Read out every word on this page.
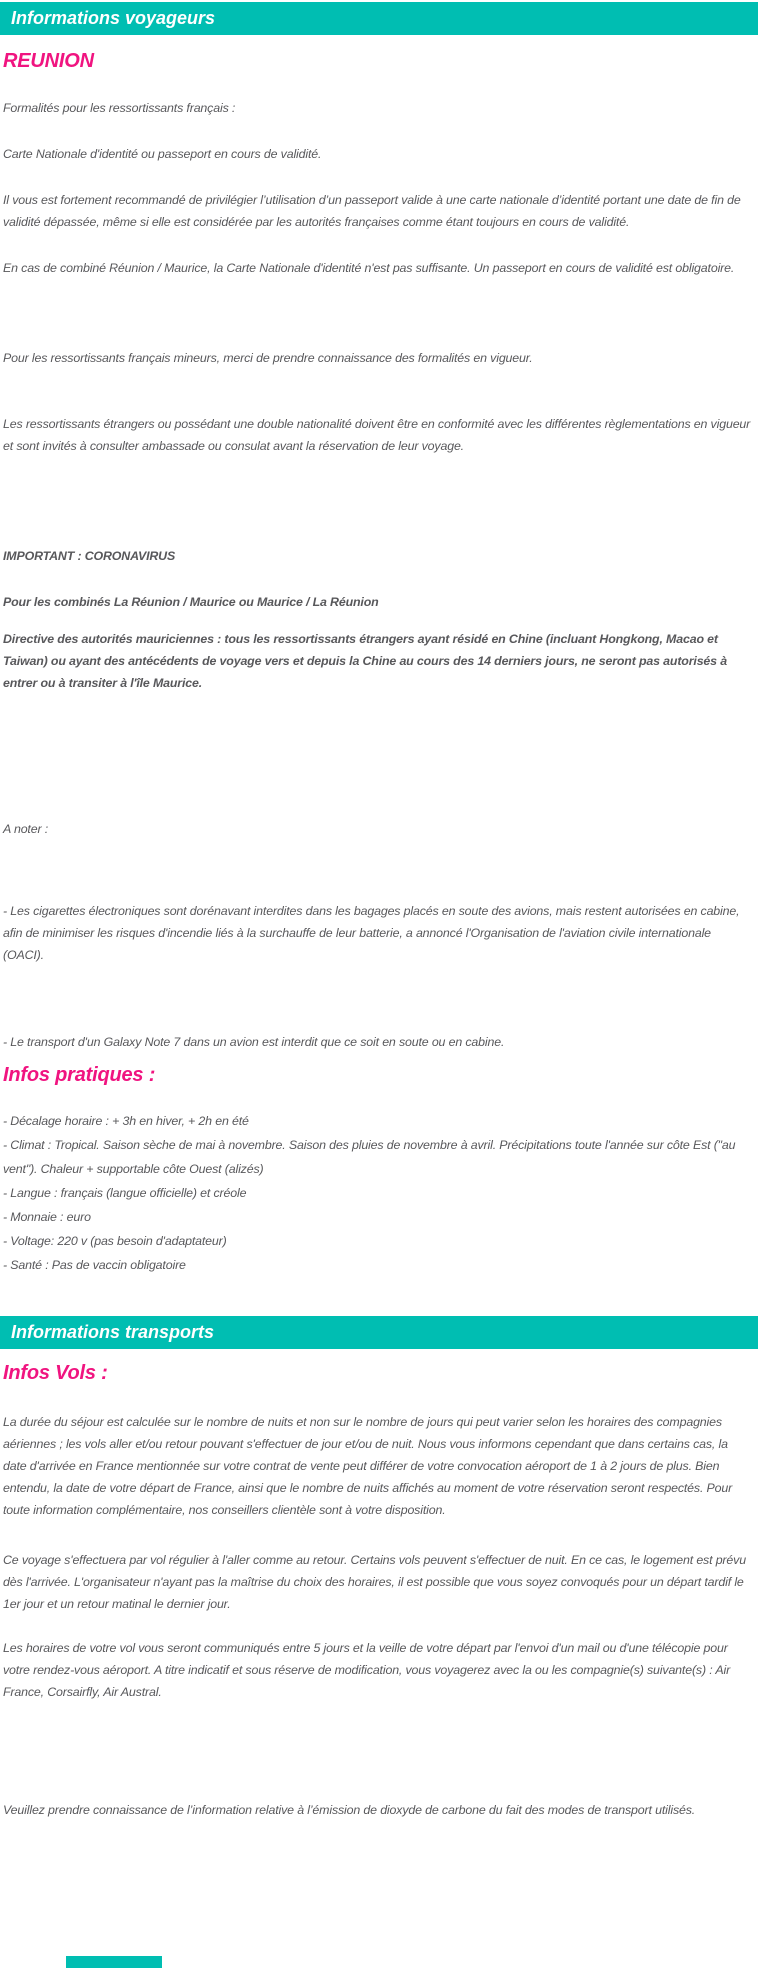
Informations voyageurs
REUNION

Formalités pour les ressortissants français :

Carte Nationale d'identité ou passeport en cours de validité.

Il vous est fortement recommandé de privilégier l’utilisation d’un passeport valide à une carte nationale d’identité portant une date de fin de validité dépassée, même si elle est considérée par les autorités françaises comme étant toujours en cours de validité.

En cas de combiné Réunion / Maurice, la Carte Nationale d'identité n'est pas suffisante. Un passeport en cours de validité est obligatoire.

Pour les ressortissants français mineurs, merci de prendre connaissance des formalités en vigueur.

Les ressortissants étrangers ou possédant une double nationalité doivent être en conformité avec les différentes règlementations en vigueur et sont invités à consulter ambassade ou consulat avant la réservation de leur voyage.

IMPORTANT : CORONAVIRUS

Pour les combinés La Réunion / Maurice ou Maurice / La Réunion

Directive des autorités mauriciennes : tous les ressortissants étrangers ayant résidé en Chine (incluant Hongkong, Macao et Taiwan) ou ayant des antécédents de voyage vers et depuis la Chine au cours des 14 derniers jours, ne seront pas autorisés à entrer ou à transiter à l'île Maurice.

A noter :

- Les cigarettes électroniques sont dorénavant interdites dans les bagages placés en soute des avions, mais restent autorisées en cabine, afin de minimiser les risques d'incendie liés à la surchauffe de leur batterie, a annoncé l'Organisation de l'aviation civile internationale (OACI).

- Le transport d'un Galaxy Note 7 dans un avion est interdit que ce soit en soute ou en cabine.

Infos pratiques :

- Décalage horaire : + 3h en hiver, + 2h en été

- Climat : Tropical. Saison sèche de mai à novembre. Saison des pluies de novembre à avril. Précipitations toute l'année sur côte Est ("au vent"). Chaleur + supportable côte Ouest (alizés)

- Langue : français (langue officielle) et créole

- Monnaie : euro

- Voltage: 220 v (pas besoin d'adaptateur)

- Santé : Pas de vaccin obligatoire

Informations transports
Infos Vols :

La durée du séjour est calculée sur le nombre de nuits et non sur le nombre de jours qui peut varier selon les horaires des compagnies aériennes ; les vols aller et/ou retour pouvant s'effectuer de jour et/ou de nuit. Nous vous informons cependant que dans certains cas, la date d'arrivée en France mentionnée sur votre contrat de vente peut différer de votre convocation aéroport de 1 à 2 jours de plus. Bien entendu, la date de votre départ de France, ainsi que le nombre de nuits affichés au moment de votre réservation seront respectés. Pour toute information complémentaire, nos conseillers clientèle sont à votre disposition.

Ce voyage s'effectuera par vol régulier à l'aller comme au retour. Certains vols peuvent s'effectuer de nuit. En ce cas, le logement est prévu dès l'arrivée. L'organisateur n'ayant pas la maîtrise du choix des horaires, il est possible que vous soyez convoqués pour un départ tardif le 1er jour et un retour matinal le dernier jour.

Les horaires de votre vol vous seront communiqués entre 5 jours et la veille de votre départ par l'envoi d'un mail ou d'une télécopie pour votre rendez-vous aéroport. A titre indicatif et sous réserve de modification, vous voyagerez avec la ou les compagnie(s) suivante(s) : Air France, Corsairfly, Air Austral.

Veuillez prendre connaissance de l’information relative à l’émission de dioxyde de carbone du fait des modes de transport utilisés.
